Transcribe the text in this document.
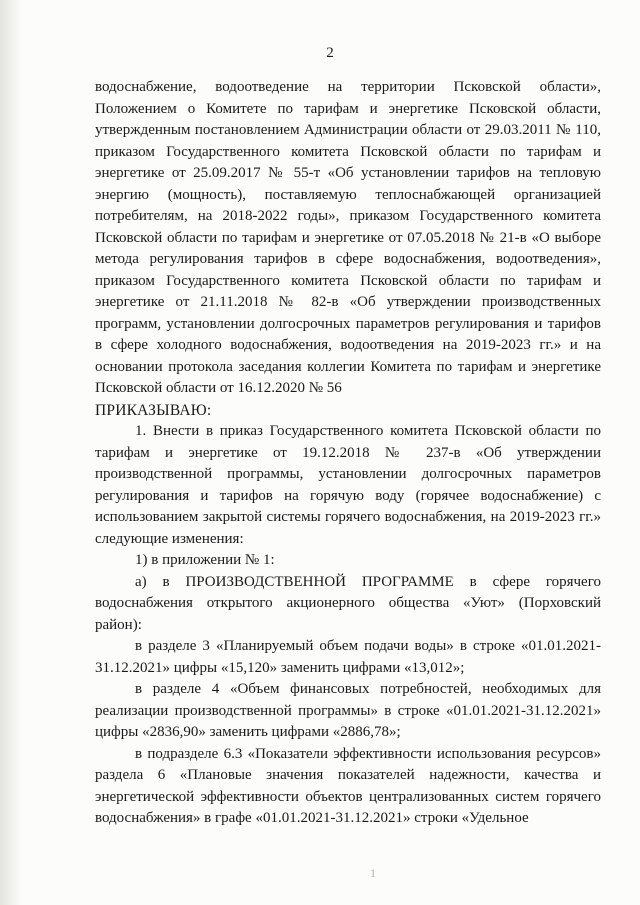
2

водоснабжение, водоотведение на территории Псковской области», Положением о Комитете по тарифам и энергетике Псковской области, утвержденным постановлением Администрации области от 29.03.2011 № 110, приказом Государственного комитета Псковской области по тарифам и энергетике от 25.09.2017 № 55-т «Об установлении тарифов на тепловую энергию (мощность), поставляемую теплоснабжающей организацией потребителям, на 2018-2022 годы», приказом Государственного комитета Псковской области по тарифам и энергетике от 07.05.2018 № 21-в «О выборе метода регулирования тарифов в сфере водоснабжения, водоотведения», приказом Государственного комитета Псковской области по тарифам и энергетике от 21.11.2018 № 82-в «Об утверждении производственных программ, установлении долгосрочных параметров регулирования и тарифов в сфере холодного водоснабжения, водоотведения на 2019-2023 гг.» и на основании протокола заседания коллегии Комитета по тарифам и энергетике Псковской области от 16.12.2020 № 56

ПРИКАЗЫВАЮ:

1. Внести в приказ Государственного комитета Псковской области по тарифам и энергетике от 19.12.2018 № 237-в «Об утверждении производственной программы, установлении долгосрочных параметров регулирования и тарифов на горячую воду (горячее водоснабжение) с использованием закрытой системы горячего водоснабжения, на 2019-2023 гг.» следующие изменения:

1) в приложении № 1:

а) в ПРОИЗВОДСТВЕННОЙ ПРОГРАММЕ в сфере горячего водоснабжения открытого акционерного общества «Уют» (Порховский район):

в разделе 3 «Планируемый объем подачи воды» в строке «01.01.2021-31.12.2021» цифры «15,120» заменить цифрами «13,012»;

в разделе 4 «Объем финансовых потребностей, необходимых для реализации производственной программы» в строке «01.01.2021-31.12.2021» цифры «2836,90» заменить цифрами «2886,78»;

в подразделе 6.3 «Показатели эффективности использования ресурсов» раздела 6 «Плановые значения показателей надежности, качества и энергетической эффективности объектов централизованных систем горячего водоснабжения» в графе «01.01.2021-31.12.2021» строки «Удельное

1
